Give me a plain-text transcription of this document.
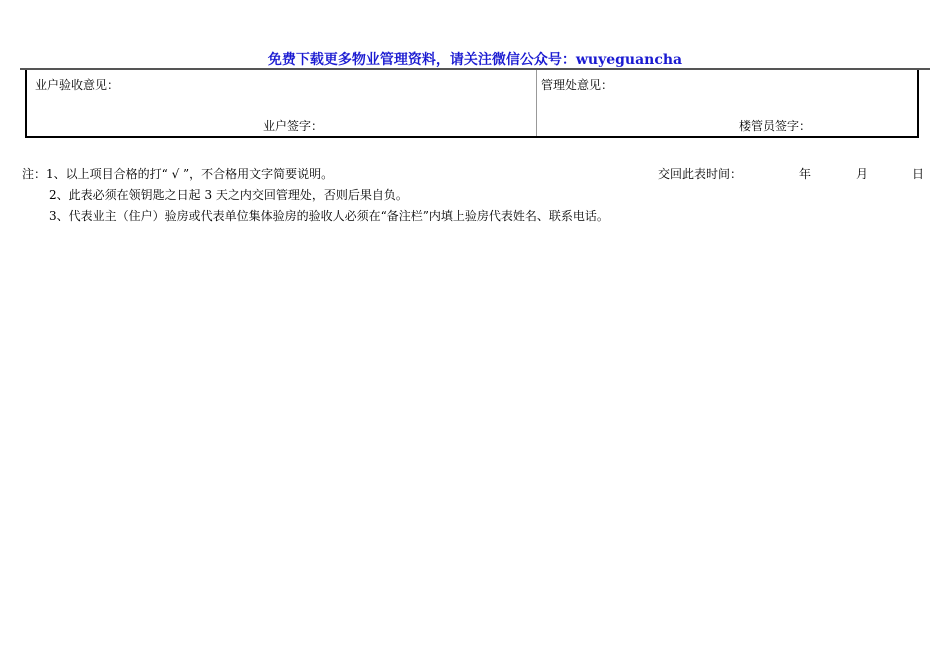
免费下载更多物业管理资料，请关注微信公众号：wuyeguancha
业户验收意见：
业户签字：
管理处意见：
楼管员签字：
注：1、以上项目合格的打“ √ ”，不合格用文字简要说明。
2、此表必须在领钥匙之日起 3 天之内交回管理处，否则后果自负。
3、代表业主（住户）验房或代表单位集体验房的验收人必须在“备注栏”内填上验房代表姓名、联系电话。
交回此表时间：	年	月	日
